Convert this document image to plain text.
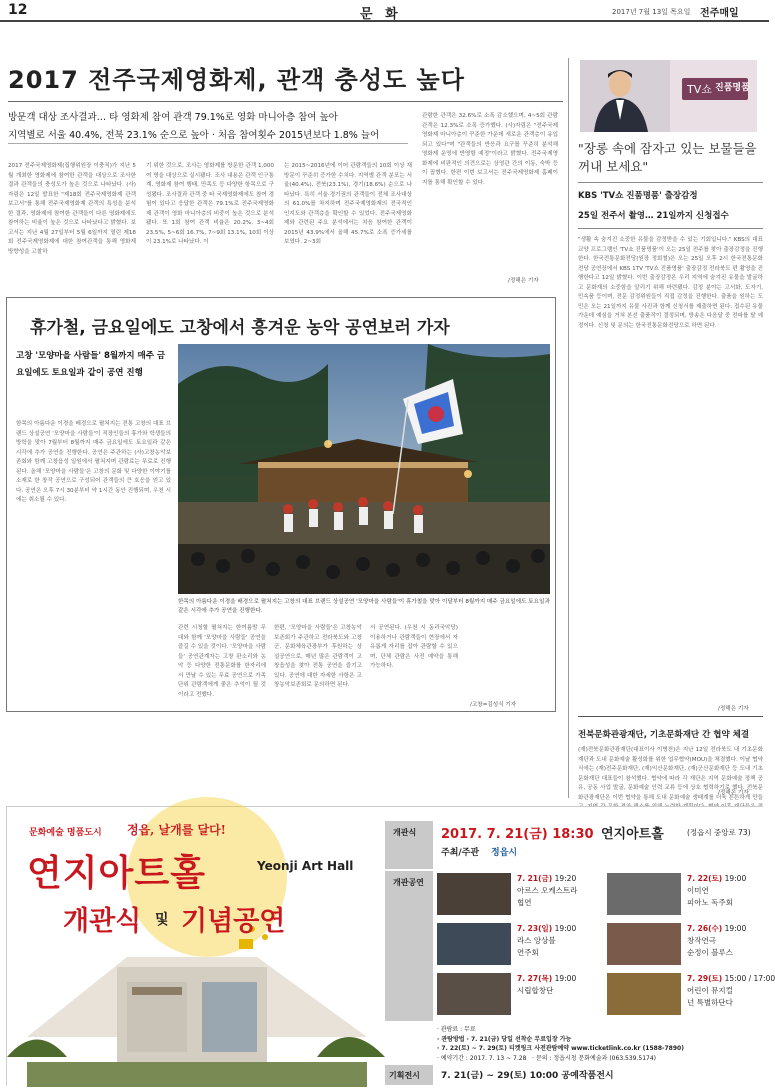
12	문 화	2017년 7월 13일 목요일 전주매일
2017 전주국제영화제, 관객 충성도 높다
방문객 대상 조사결과… 타 영화제 참여 관객 79.1%로 영화 마니아층 참여 높아
지역별로 서울 40.4%, 전북 23.1% 순으로 높아 · 처음 참여횟수 2015년보다 1.8% 늘어
2017 전주국제영화제(집행위원장 이충직)가 지난 5월 개최한 영화제에 참여한 관객을 대상으로 조사한 결과 관객들의 충성도가 높은 것으로 나타났다. (사)자림은 12일 발표한 "제18회 전주국제영화제 관객보고서"를 통해 전주국제영화제 관객의 특성을 분석한 결과, 영화제에 참여한 관객들이 다른 영화제에도 참여하는 비율이 높은 것으로 나타났다고 밝혔다. 보고서는 지난 4월 27일부터 5월 6일까지 열린 제18회 전주국제영화제에 대한 참여관객을 통해 영화제 방향성을 고찰하
기 위한 것으로, 조사는 영화제를 방문한 관객 1,000여 명을 대상으로 실시됐다. 조사 내용은 관객 인구통계, 영화제 참여 행태, 만족도 등 다양한 항목으로 구성됐다. 조사결과 관객 중 타 국제영화제에도 참여 경험이 있다고 응답한 관객은 79.1%로 전주국제영화제 관객이 영화 마니아층의 비중이 높은 것으로 분석됐다. 또 1회 참여 관객 비율은 20.2%, 3~4회 23.5%, 5~6회 16.7%, 7~9회 13.1%, 10회 이상이 23.1%로 나타났다. 이
는 2015~2016년에 이어 관람객들의 10회 이상 재방문이 꾸준히 증가한 수치다. 지역별 관객 분포는 서울(40.4%), 전북(23.1%), 경기(18.6%) 순으로 나타났다. 특히 서울·경기권의 관객들이 전체 조사대상의 61.0%를 차지하며 전주국제영화제의 전국적인 인지도와 관객층을 확인할 수 있었다. 전주국제영화제와 관련된 주요 분석에서는 처음 참여한 관객이 2015년 43.9%에서 올해 45.7%로 소폭 증가세를 보였다. 2~3회
관람한 관객은 32.6%로 소폭 감소했으며, 4~5회 관람관객은 12.3%로 소폭 증가했다. (사)자림은 "전주국제영화제 마니아층이 꾸준한 가운데 새로운 관객층이 유입되고 있다"며 "관객들의 반응과 요구를 꾸준히 분석해 영화제 운영에 반영할 예정"이라고 밝혔다. 전주국제영화제에 비판적인 의견으로는 상영관 간의 이동, 숙박 등이 꼽혔다. 한편 이번 보고서는 전주국제영화제 홈페이지를 통해 확인할 수 있다.
/정해은 기자
휴가철, 금요일에도 고창에서 흥겨운 농악 공연보러 가자
고창 '모양마을 사람들' 8월까지 매주 금요일에도 토요일과 같이 공연 진행
함목의 아름다운 이경을 배경으로 펼쳐지는 전통 고창의 대표 브랜드 상설공연 '모양마을 사람들'이 직장인들의 휴가와 학생들의 방학을 맞아 7월부터 8월까지 매주 금요일에도 토요일과 같은 시각에 추가 공연을 진행한다. 공연은 주관하는 (사)고창농악보존회와 함께 고창읍성 일원에서 펼쳐지며 관람료는 무료로 진행된다. 올해 '모양마을 사람들'은 고창의 문화 및 다양한 이야기를 소재로 한 창작 공연으로 구성되어 관객들의 큰 호응을 얻고 있다. 공연은 오후 7시 30분부터 약 1시간 동안 진행되며, 우천 시에는 취소될 수 있다.
한목의 아름다운 이경을 배경으로 펼쳐지는 고창의 대표 브랜드 상설공연 '모양마을 사람들'이 휴가철을 맞아 이달부터 8월까지 매주 금요일에도 토요일과 같은 시각에 추가 공연을 진행한다.
관련 시청할 펼쳐지는 한여름밤 무대와 함께 '모양마을 사람들' 공연을 즐길 수 있을 것이다. '모양마을 사람들' 공연관계자는 고창 판소리와 농악 등 다양한 전통문화를 한자리에서 만날 수 있는 무료 공연으로 가족 단위 관람객에게 좋은 추억이 될 것이라고 전했다.
한편, '모양마을 사람들'은 고창농악보존회가 주관하고 전라북도와 고창군, 문화체육관광부가 후원하는 상설공연으로, 매년 많은 관람객이 고창읍성을 찾아 전통 공연을 즐기고 있다. 공연에 대한 자세한 사항은 고창농악보존회로 문의하면 된다.
서 공연된다. (우천 시 동리국악당) 이용하거나 관람객들이 현장에서 자유롭게 자리를 잡아 관람할 수 있으며, 단체 관람은 사전 예약을 통해 가능하다.
/고창=김성식 기자
TV쇼 진품명품
"장롱 속에 잠자고 있는 보물들을 꺼내 보세요"
KBS 'TV쇼 진품명품' 출장감정
25일 전주서 촬영… 21일까지 신청접수
"생활 속 숨겨진 소중한 유물을 감정받을 수 있는 기회입니다." KBS의 대표 교양 프로그램인 'TV쇼 진품명품'이 오는 25일 전주를 찾아 출장감정을 진행한다. 한국전통문화전당(원장 정회철)은 오는 25일 오후 2시 한국전통문화전당 공연장에서 KBS 1TV 'TV쇼 진품명품' 출장감정 전라북도 편 촬영을 진행한다고 12일 밝혔다. 이번 출장감정은 우리 지역에 숨겨진 유물을 발굴하고 문화재의 소중함을 알리기 위해 마련됐다. 감정 분야는 고서화, 도자기, 민속품 등이며, 전문 감정위원들이 직접 감정을 진행한다. 출품을 원하는 도민은 오는 21일까지 유물 사진과 함께 신청서를 제출하면 된다. 접수된 유물 가운데 예심을 거쳐 본선 출품작이 결정되며, 방송은 다음달 중 전파를 탈 예정이다. 신청 및 문의는 한국전통문화전당으로 하면 된다.
/정해은 기자
전북문화관광재단, 기초문화재단 간 협약 체결
(재)전북문화관광재단(대표이사 이병천)은 지난 12일 전라북도 내 기초문화재단과 도내 문화예술 활성화를 위한 업무협약(MOU)을 체결했다. 이날 협약식에는 (재)전주문화재단, (재)익산문화재단, (재)군산문화재단 등 도내 기초문화재단 대표들이 참석했다. 협약에 따라 각 재단은 지역 문화예술 정책 공유, 공동 사업 발굴, 문화예술 인력 교류 등에 상호 협력하기로 했다. 전북문화관광재단은 이번 협약을 통해 도내 문화예술 생태계를 더욱 튼튼하게 만들
/정해은 기자
문화예술 명품도시 정읍, 날개를 달다!
연지아트홀	Yeonji Art Hall
개관식 및 기념공연
개관식 2017. 7. 21(금) 18:30 연지아트홀	(정읍시 중앙로 73)
주최/주관 정읍시
개관공연	7. 21(금) 19:20
아르스 오케스트라
협연
7. 22(토) 19:00
이미연
피아노 독주회
7. 23(일) 19:00
라스 앙상블
연주회
7. 26(수) 19:00
창작연극
순정이 블루스
7. 27(목) 19:00
시립합창단
7. 29(토) 15:00 / 17:00
어린이 뮤지컬
넌 특별하단다
· 관람료 : 무료
· 관람방법 · 7. 21(금) 당일 선착순 무료입장 가능
· 7. 22(토) ~ 7. 29(토) 티켓링크 사전관람예약 www.ticketlink.co.kr (1588-7890)
· 예약기간 : 2017. 7. 13 ~ 7.28 · 문의 : 정읍시청 문화예술과 (063.539.5174)
기획전시 7. 21(금) ~ 29(토) 10:00 공예작품전시
